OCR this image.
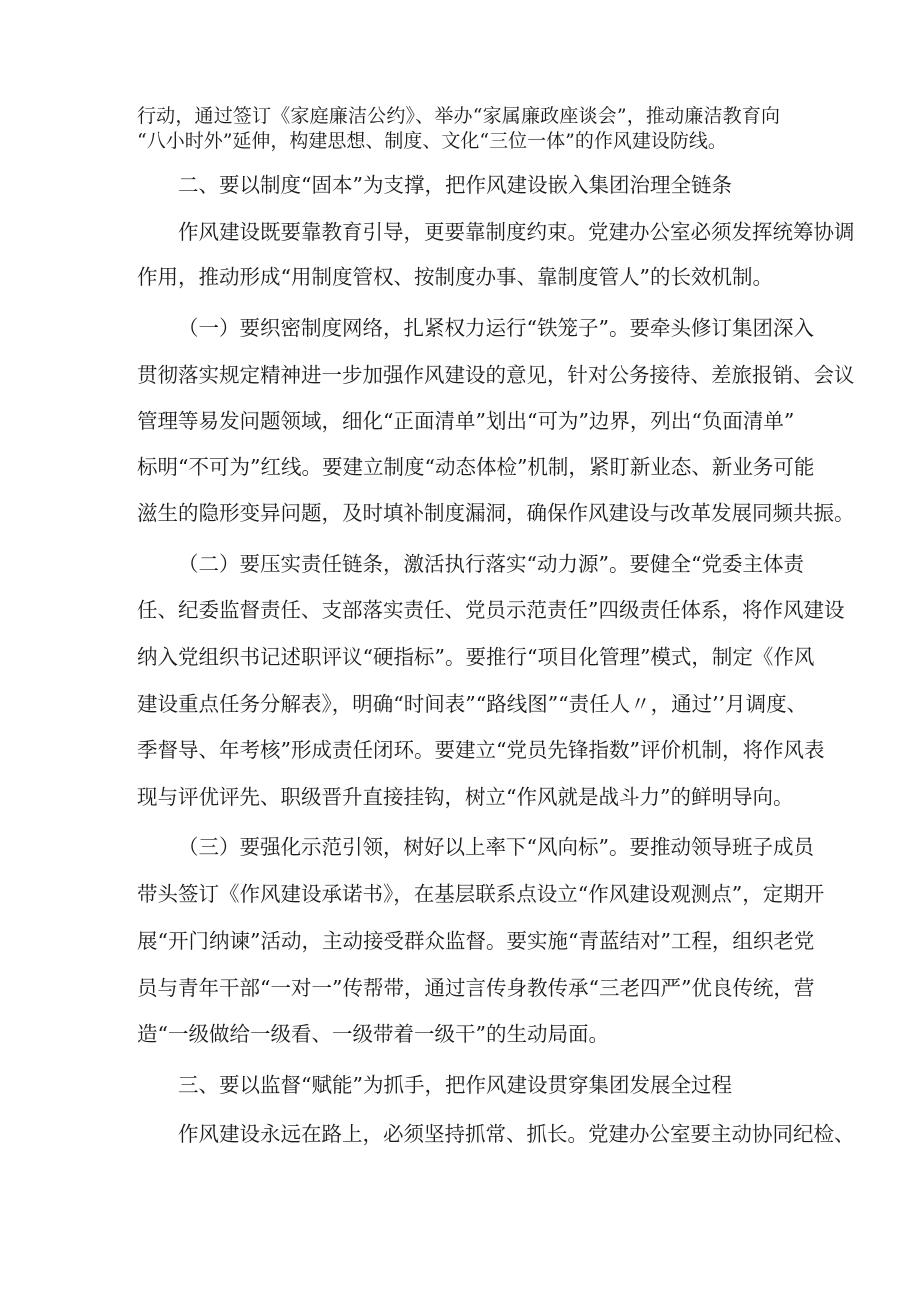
行动，通过签订《家庭廉洁公约》、举办“家属廉政座谈会”，推动廉洁教育向
“八小时外”延伸，构建思想、制度、文化“三位一体”的作风建设防线。
二、要以制度“固本”为支撑，把作风建设嵌入集团治理全链条
作风建设既要靠教育引导，更要靠制度约束。党建办公室必须发挥统筹协调
作用，推动形成“用制度管权、按制度办事、靠制度管人”的长效机制。
（一）要织密制度网络，扎紧权力运行“铁笼子”。要牵头修订集团深入
贯彻落实规定精神进一步加强作风建设的意见，针对公务接待、差旅报销、会议
管理等易发问题领域，细化“正面清单”划出“可为”边界，列出“负面清单”
标明“不可为”红线。要建立制度“动态体检”机制，紧盯新业态、新业务可能
滋生的隐形变异问题，及时填补制度漏洞，确保作风建设与改革发展同频共振。
（二）要压实责任链条，激活执行落实“动力源”。要健全“党委主体责
任、纪委监督责任、支部落实责任、党员示范责任”四级责任体系，将作风建设
纳入党组织书记述职评议“硬指标”。要推行“项目化管理”模式，制定《作风
建设重点任务分解表》，明确“时间表”“路线图”“责任人〃，通过’’月调度、
季督导、年考核”形成责任闭环。要建立“党员先锋指数”评价机制，将作风表
现与评优评先、职级晋升直接挂钩，树立“作风就是战斗力”的鲜明导向。
（三）要强化示范引领，树好以上率下“风向标”。要推动领导班子成员
带头签订《作风建设承诺书》，在基层联系点设立“作风建设观测点”，定期开
展“开门纳谏”活动，主动接受群众监督。要实施“青蓝结对”工程，组织老党
员与青年干部“一对一”传帮带，通过言传身教传承“三老四严”优良传统，营
造“一级做给一级看、一级带着一级干”的生动局面。
三、要以监督“赋能”为抓手，把作风建设贯穿集团发展全过程
作风建设永远在路上，必须坚持抓常、抓长。党建办公室要主动协同纪检、
